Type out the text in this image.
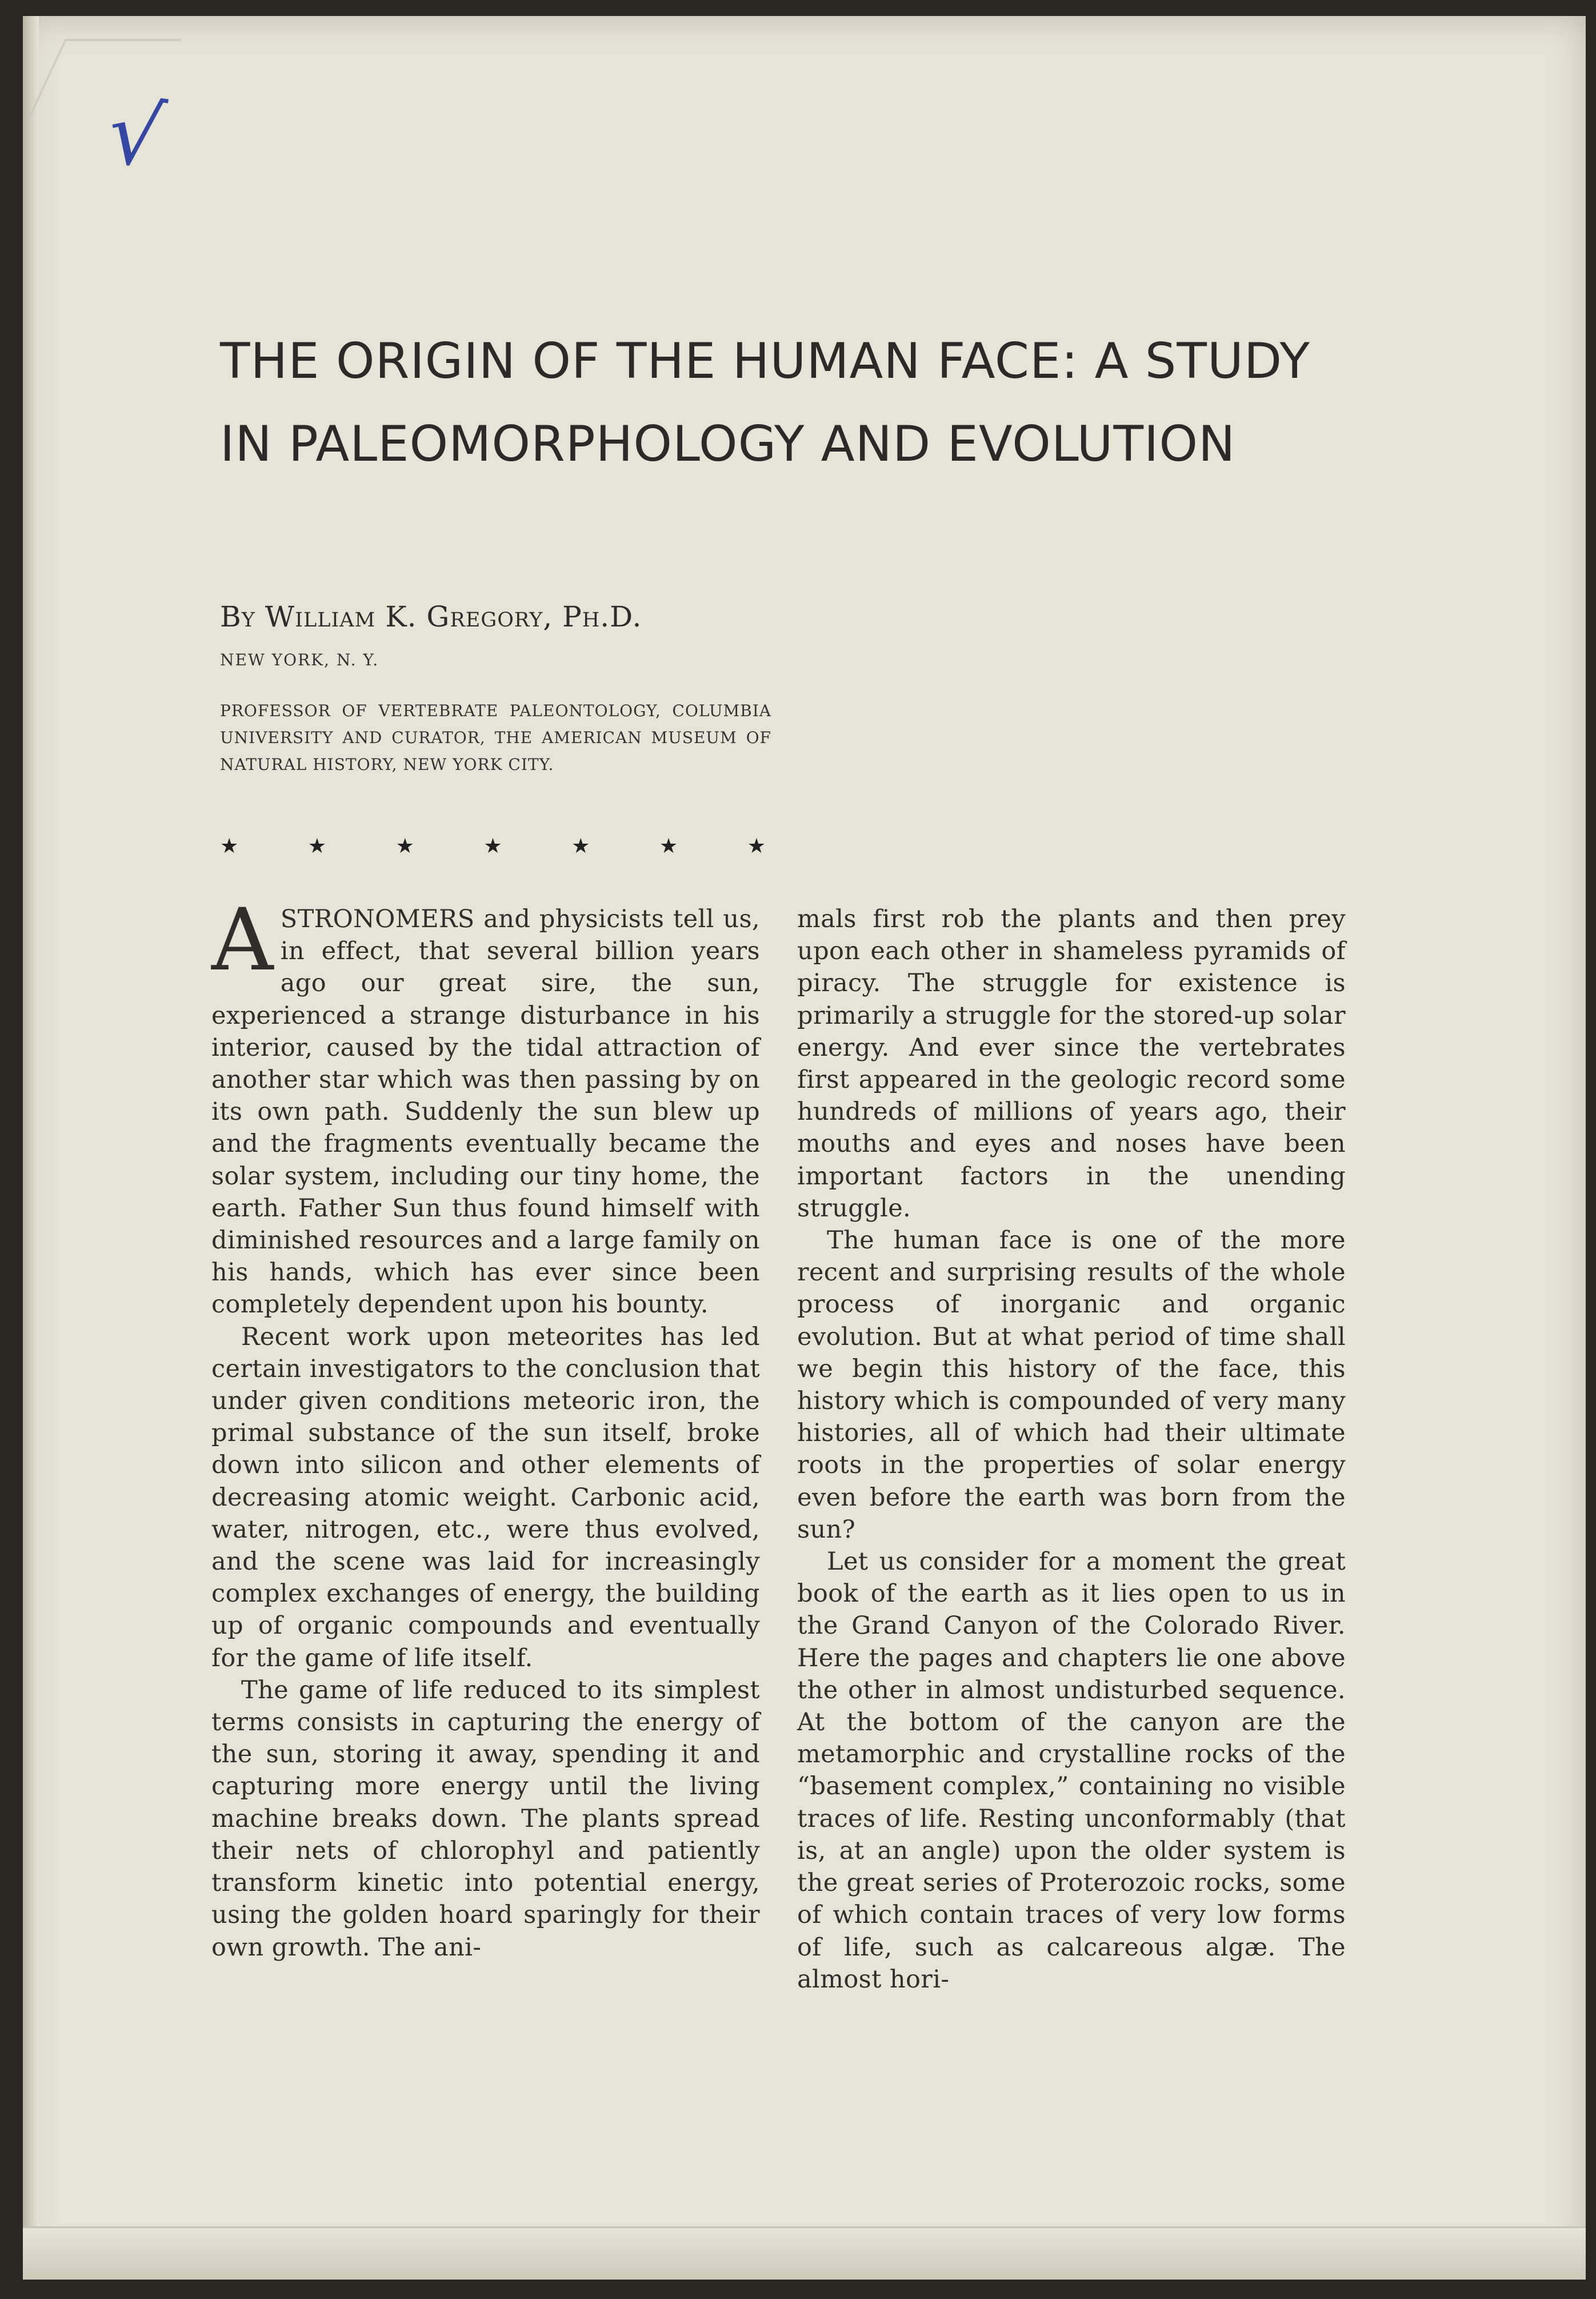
√
THE ORIGIN OF THE HUMAN FACE: A STUDY
IN PALEOMORPHOLOGY AND EVOLUTION

By William K. Gregory, Ph.D.

NEW YORK, N. Y.

PROFESSOR OF VERTEBRATE PALEONTOLOGY, COLUMBIA UNIVERSITY AND CURATOR, THE AMERICAN MUSEUM OF NATURAL HISTORY, NEW YORK CITY.

★	★	★	★	★	★	★

ASTRONOMERS and physicists tell us, in effect, that several billion years ago our great sire, the sun, experienced a strange disturbance in his interior, caused by the tidal attraction of another star which was then passing by on its own path. Suddenly the sun blew up and the fragments eventually became the solar system, including our tiny home, the earth. Father Sun thus found himself with diminished resources and a large family on his hands, which has ever since been completely dependent upon his bounty.

Recent work upon meteorites has led certain investigators to the conclusion that under given conditions meteoric iron, the primal substance of the sun itself, broke down into silicon and other elements of decreasing atomic weight. Carbonic acid, water, nitrogen, etc., were thus evolved, and the scene was laid for increasingly complex exchanges of energy, the building up of organic compounds and eventually for the game of life itself.

The game of life reduced to its simplest terms consists in capturing the energy of the sun, storing it away, spending it and capturing more energy until the living machine breaks down. The plants spread their nets of chlorophyl and patiently transform kinetic into potential energy, using the golden hoard sparingly for their own growth. The ani-

mals first rob the plants and then prey upon each other in shameless pyramids of piracy. The struggle for existence is primarily a struggle for the stored-up solar energy. And ever since the vertebrates first appeared in the geologic record some hundreds of millions of years ago, their mouths and eyes and noses have been important factors in the unending struggle.

The human face is one of the more recent and surprising results of the whole process of inorganic and organic evolution. But at what period of time shall we begin this history of the face, this history which is compounded of very many histories, all of which had their ultimate roots in the properties of solar energy even before the earth was born from the sun?

Let us consider for a moment the great book of the earth as it lies open to us in the Grand Canyon of the Colorado River. Here the pages and chapters lie one above the other in almost undisturbed sequence. At the bottom of the canyon are the metamorphic and crystalline rocks of the “basement complex,” containing no visible traces of life. Resting unconformably (that is, at an angle) upon the older system is the great series of Proterozoic rocks, some of which contain traces of very low forms of life, such as calcareous algæ. The almost hori-
